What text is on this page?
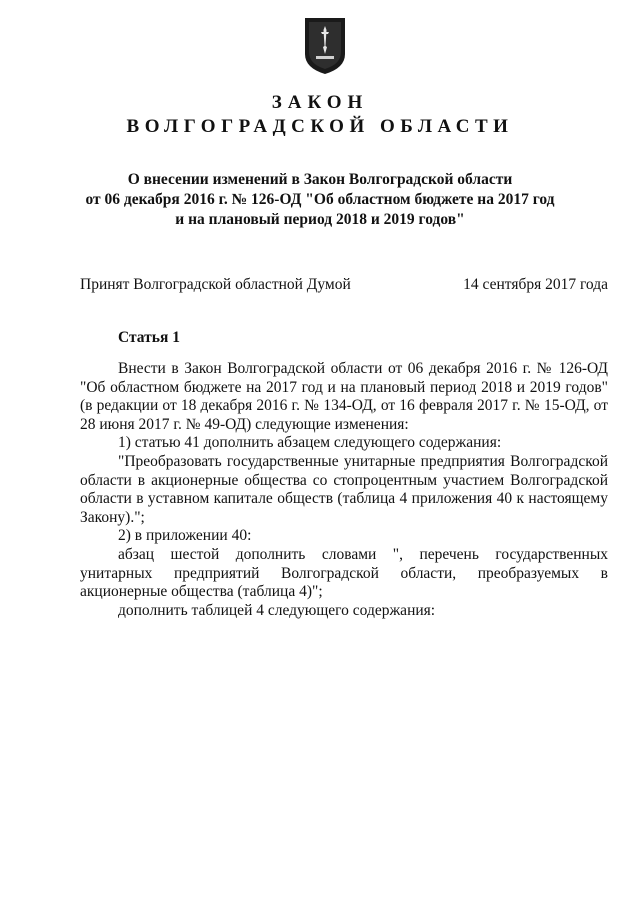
ЗАКОН
ВОЛГОГРАДСКОЙ ОБЛАСТИ
О внесении изменений в Закон Волгоградской области
от 06 декабря 2016 г. № 126-ОД "Об областном бюджете на 2017 год
и на плановый период 2018 и 2019 годов"
Принят Волгоградской областной Думой	14 сентября 2017 года
Статья 1

Внести в Закон Волгоградской области от 06 декабря 2016 г. № 126-ОД "Об областном бюджете на 2017 год и на плановый период 2018 и 2019 годов" (в редакции от 18 декабря 2016 г. № 134-ОД, от 16 февраля 2017 г. № 15-ОД, от 28 июня 2017 г. № 49-ОД) следующие изменения:

1) статью 41 дополнить абзацем следующего содержания:

"Преобразовать государственные унитарные предприятия Волгоградской области в акционерные общества со стопроцентным участием Волгоградской области в уставном капитале обществ (таблица 4 приложения 40 к настоящему Закону).";

2) в приложении 40:

абзац шестой дополнить словами ", перечень государственных унитарных предприятий Волгоградской области, преобразуемых в акционерные общества (таблица 4)";

дополнить таблицей 4 следующего содержания:
